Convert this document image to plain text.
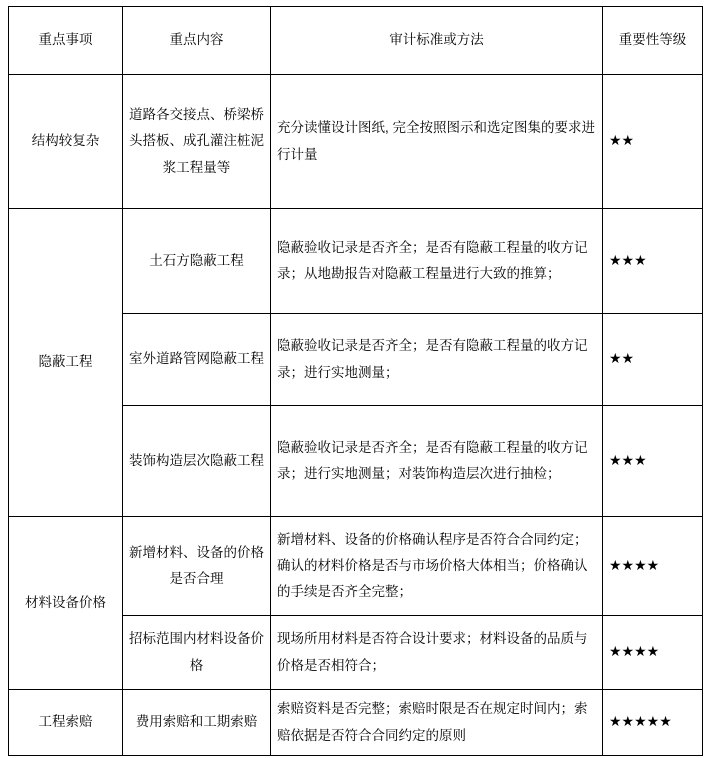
重点事项	重点内容	审计标准或方法	重要性等级
结构较复杂	道路各交接点、桥梁桥头搭板、成孔灌注桩泥浆工程量等	充分读懂设计图纸, 完全按照图示和选定图集的要求进行计量	★★
隐蔽工程	土石方隐蔽工程	隐蔽验收记录是否齐全；是否有隐蔽工程量的收方记录；从地勘报告对隐蔽工程量进行大致的推算；	★★★
	室外道路管网隐蔽工程	隐蔽验收记录是否齐全；是否有隐蔽工程量的收方记录；进行实地测量；	★★
	装饰构造层次隐蔽工程	隐蔽验收记录是否齐全；是否有隐蔽工程量的收方记录；进行实地测量；对装饰构造层次进行抽检；	★★★
材料设备价格	新增材料、设备的价格是否合理	新增材料、设备的价格确认程序是否符合合同约定；确认的材料价格是否与市场价格大体相当；价格确认的手续是否齐全完整；	★★★★
	招标范围内材料设备价格	现场所用材料是否符合设计要求；材料设备的品质与价格是否相符合；	★★★★
工程索赔	费用索赔和工期索赔	索赔资料是否完整；索赔时限是否在规定时间内；索赔依据是否符合合同约定的原则	★★★★★
